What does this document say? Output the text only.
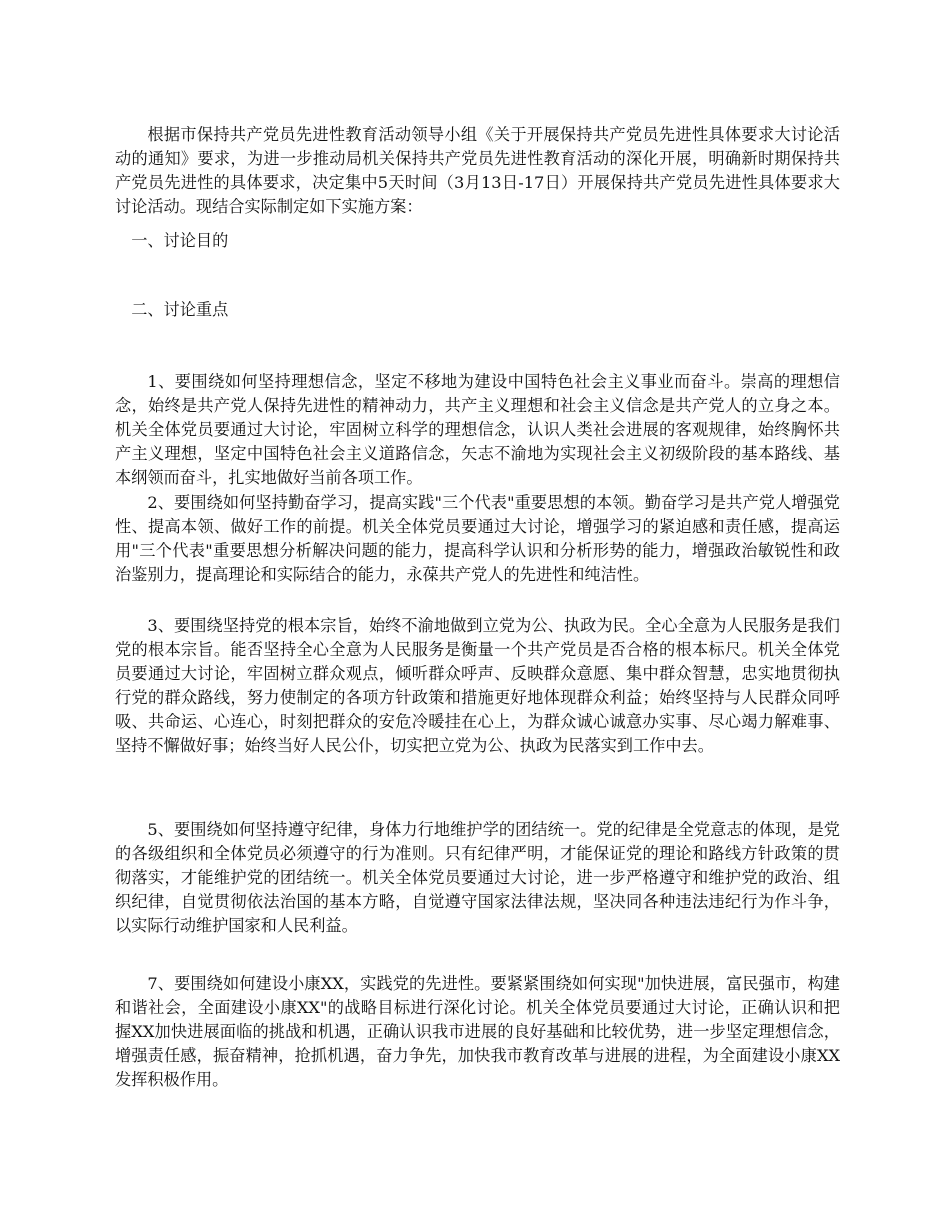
根据市保持共产党员先进性教育活动领导小组《关于开展保持共产党员先进性具体要求大讨论活动的通知》要求，为进一步推动局机关保持共产党员先进性教育活动的深化开展，明确新时期保持共产党员先进性的具体要求，决定集中5天时间（3月13日-17日）开展保持共产党员先进性具体要求大讨论活动。现结合实际制定如下实施方案：

一、讨论目的

二、讨论重点

1、要围绕如何坚持理想信念，坚定不移地为建设中国特色社会主义事业而奋斗。崇高的理想信念，始终是共产党人保持先进性的精神动力，共产主义理想和社会主义信念是共产党人的立身之本。机关全体党员要通过大讨论，牢固树立科学的理想信念，认识人类社会进展的客观规律，始终胸怀共产主义理想，坚定中国特色社会主义道路信念，矢志不渝地为实现社会主义初级阶段的基本路线、基本纲领而奋斗，扎实地做好当前各项工作。

2、要围绕如何坚持勤奋学习，提高实践"三个代表"重要思想的本领。勤奋学习是共产党人增强党性、提高本领、做好工作的前提。机关全体党员要通过大讨论，增强学习的紧迫感和责任感，提高运用"三个代表"重要思想分析解决问题的能力，提高科学认识和分析形势的能力，增强政治敏锐性和政治鉴别力，提高理论和实际结合的能力，永葆共产党人的先进性和纯洁性。

3、要围绕坚持党的根本宗旨，始终不渝地做到立党为公、执政为民。全心全意为人民服务是我们党的根本宗旨。能否坚持全心全意为人民服务是衡量一个共产党员是否合格的根本标尺。机关全体党员要通过大讨论，牢固树立群众观点，倾听群众呼声、反映群众意愿、集中群众智慧，忠实地贯彻执行党的群众路线，努力使制定的各项方针政策和措施更好地体现群众利益；始终坚持与人民群众同呼吸、共命运、心连心，时刻把群众的安危冷暖挂在心上，为群众诚心诚意办实事、尽心竭力解难事、坚持不懈做好事；始终当好人民公仆，切实把立党为公、执政为民落实到工作中去。

5、要围绕如何坚持遵守纪律，身体力行地维护学的团结统一。党的纪律是全党意志的体现，是党的各级组织和全体党员必须遵守的行为准则。只有纪律严明，才能保证党的理论和路线方针政策的贯彻落实，才能维护党的团结统一。机关全体党员要通过大讨论，进一步严格遵守和维护党的政治、组织纪律，自觉贯彻依法治国的基本方略，自觉遵守国家法律法规，坚决同各种违法违纪行为作斗争，以实际行动维护国家和人民利益。

7、要围绕如何建设小康XX，实践党的先进性。要紧紧围绕如何实现"加快进展，富民强市，构建和谐社会，全面建设小康XX"的战略目标进行深化讨论。机关全体党员要通过大讨论，正确认识和把握XX加快进展面临的挑战和机遇，正确认识我市进展的良好基础和比较优势，进一步坚定理想信念，增强责任感，振奋精神，抢抓机遇，奋力争先，加快我市教育改革与进展的进程，为全面建设小康XX发挥积极作用。
